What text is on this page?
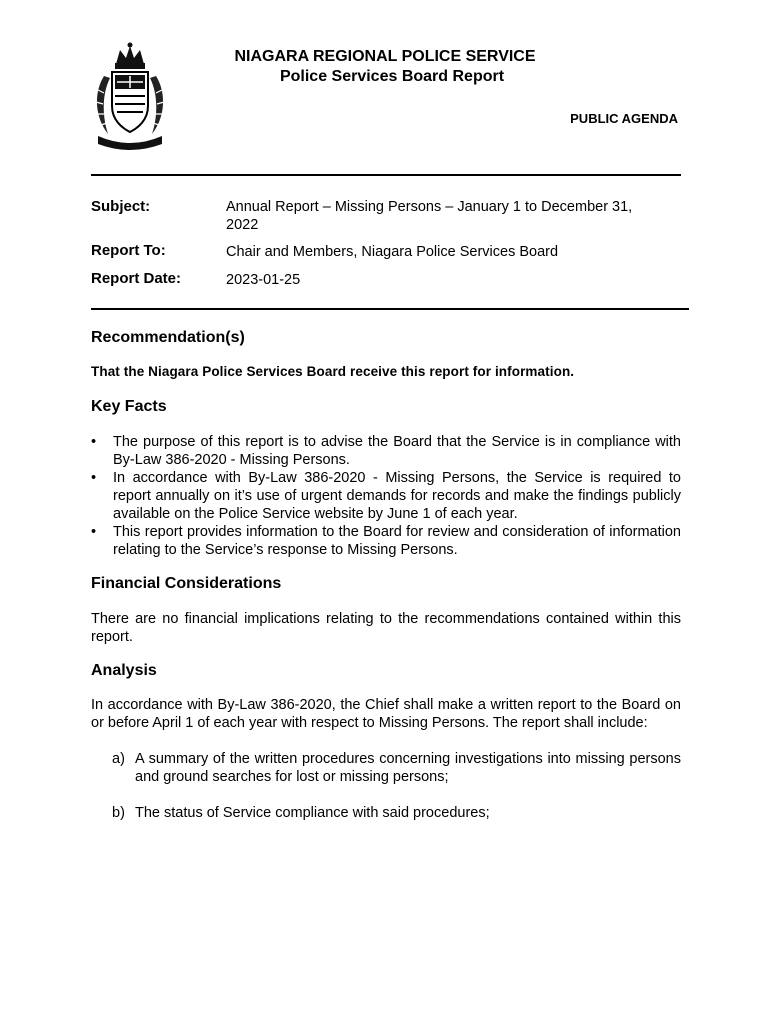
NIAGARA REGIONAL POLICE SERVICE
Police Services Board Report
PUBLIC AGENDA
Subject:	Annual Report – Missing Persons – January 1 to December 31, 2022
Report To:	Chair and Members, Niagara Police Services Board
Report Date:	2023-01-25
Recommendation(s)
That the Niagara Police Services Board receive this report for information.
Key Facts
• The purpose of this report is to advise the Board that the Service is in compliance with By-Law 386-2020 - Missing Persons.
• In accordance with By-Law 386-2020 - Missing Persons, the Service is required to report annually on it’s use of urgent demands for records and make the findings publicly available on the Police Service website by June 1 of each year.
• This report provides information to the Board for review and consideration of information relating to the Service’s response to Missing Persons.
Financial Considerations
There are no financial implications relating to the recommendations contained within this report.
Analysis
In accordance with By-Law 386-2020, the Chief shall make a written report to the Board on or before April 1 of each year with respect to Missing Persons. The report shall include:
a) A summary of the written procedures concerning investigations into missing persons and ground searches for lost or missing persons;
b) The status of Service compliance with said procedures;
